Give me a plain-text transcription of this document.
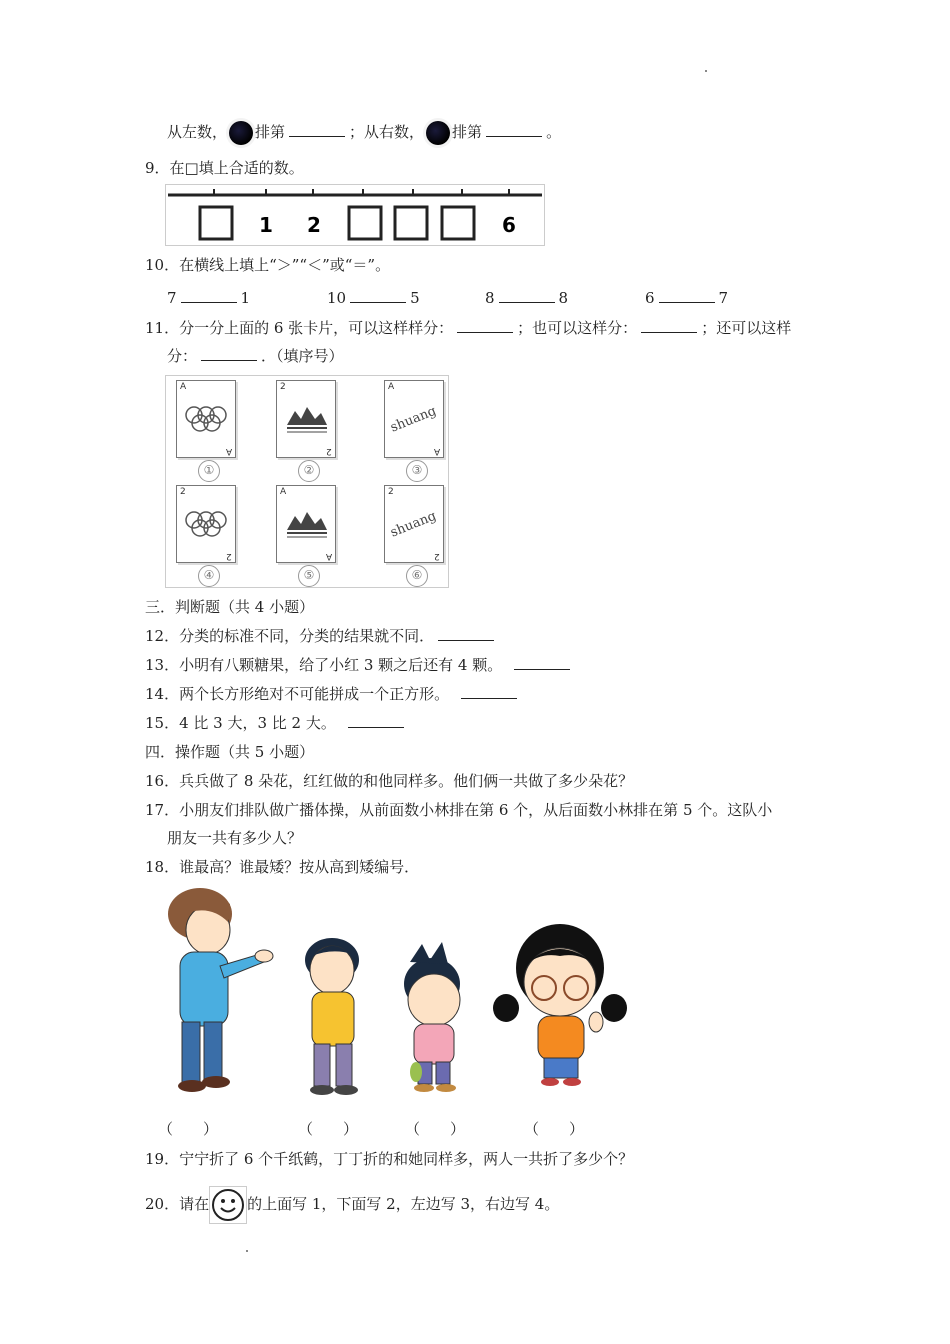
从左数， 排第	；从右数， 排第	。
9．在□填上合适的数。
1 2	6
10．在横线上填上“＞”“＜”或“＝”。
7	1	10	5	8	8	6	7
11．分一分上面的 6 张卡片，可以这样样分：	；也可以这样分：	；还可以这样
分：	．（填序号）
A
A
①
2
2
②
A
A
shuang
③
2
2
④
A
A
⑤
2
2
shuang
⑥
三．判断题（共 4 小题）
12．分类的标准不同，分类的结果就不同．
13．小明有八颗糖果，给了小红 3 颗之后还有 4 颗。
14．两个长方形绝对不可能拼成一个正方形。
15．4 比 3 大，3 比 2 大。
四．操作题（共 5 小题）
16．兵兵做了 8 朵花，红红做的和他同样多。他们俩一共做了多少朵花？
17．小朋友们排队做广播体操，从前面数小林排在第 6 个，从后面数小林排在第 5 个。这队小
朋友一共有多少人？
18．谁最高？谁最矮？按从高到矮编号．
（　　）	（　　）	（　　）	（　　）
19．宁宁折了 6 个千纸鹤，丁丁折的和她同样多，两人一共折了多少个？
20．请在	的上面写 1，下面写 2，左边写 3，右边写 4。
